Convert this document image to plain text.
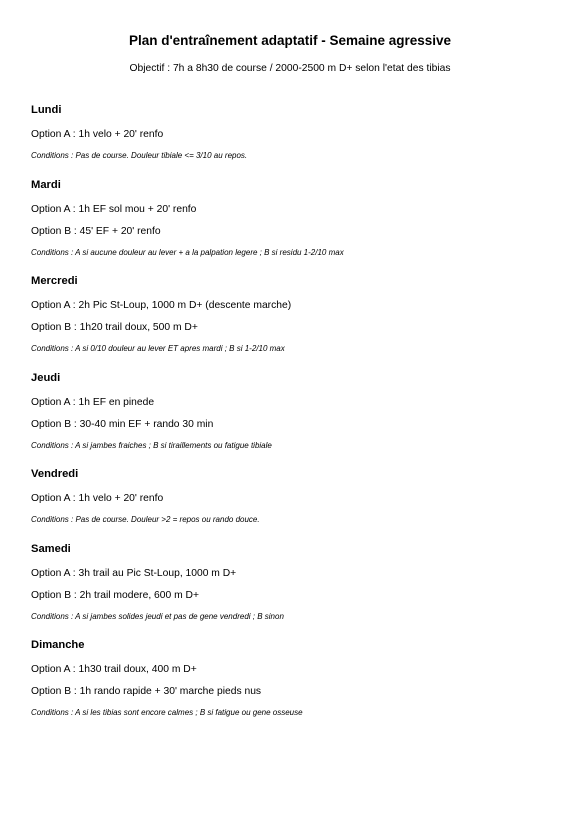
Plan d'entraînement adaptatif - Semaine agressive
Objectif : 7h a 8h30 de course / 2000-2500 m D+ selon l'etat des tibias
Lundi
Option A : 1h velo + 20' renfo
Conditions : Pas de course. Douleur tibiale <= 3/10 au repos.
Mardi
Option A : 1h EF sol mou + 20' renfo
Option B : 45' EF + 20' renfo
Conditions : A si aucune douleur au lever + a la palpation legere ; B si residu 1-2/10 max
Mercredi
Option A : 2h Pic St-Loup, 1000 m D+ (descente marche)
Option B : 1h20 trail doux, 500 m D+
Conditions : A si 0/10 douleur au lever ET apres mardi ; B si 1-2/10 max
Jeudi
Option A : 1h EF en pinede
Option B : 30-40 min EF + rando 30 min
Conditions : A si jambes fraiches ; B si tiraillements ou fatigue tibiale
Vendredi
Option A : 1h velo + 20' renfo
Conditions : Pas de course. Douleur >2 = repos ou rando douce.
Samedi
Option A : 3h trail au Pic St-Loup, 1000 m D+
Option B : 2h trail modere, 600 m D+
Conditions : A si jambes solides jeudi et pas de gene vendredi ; B sinon
Dimanche
Option A : 1h30 trail doux, 400 m D+
Option B : 1h rando rapide + 30' marche pieds nus
Conditions : A si les tibias sont encore calmes ; B si fatigue ou gene osseuse
